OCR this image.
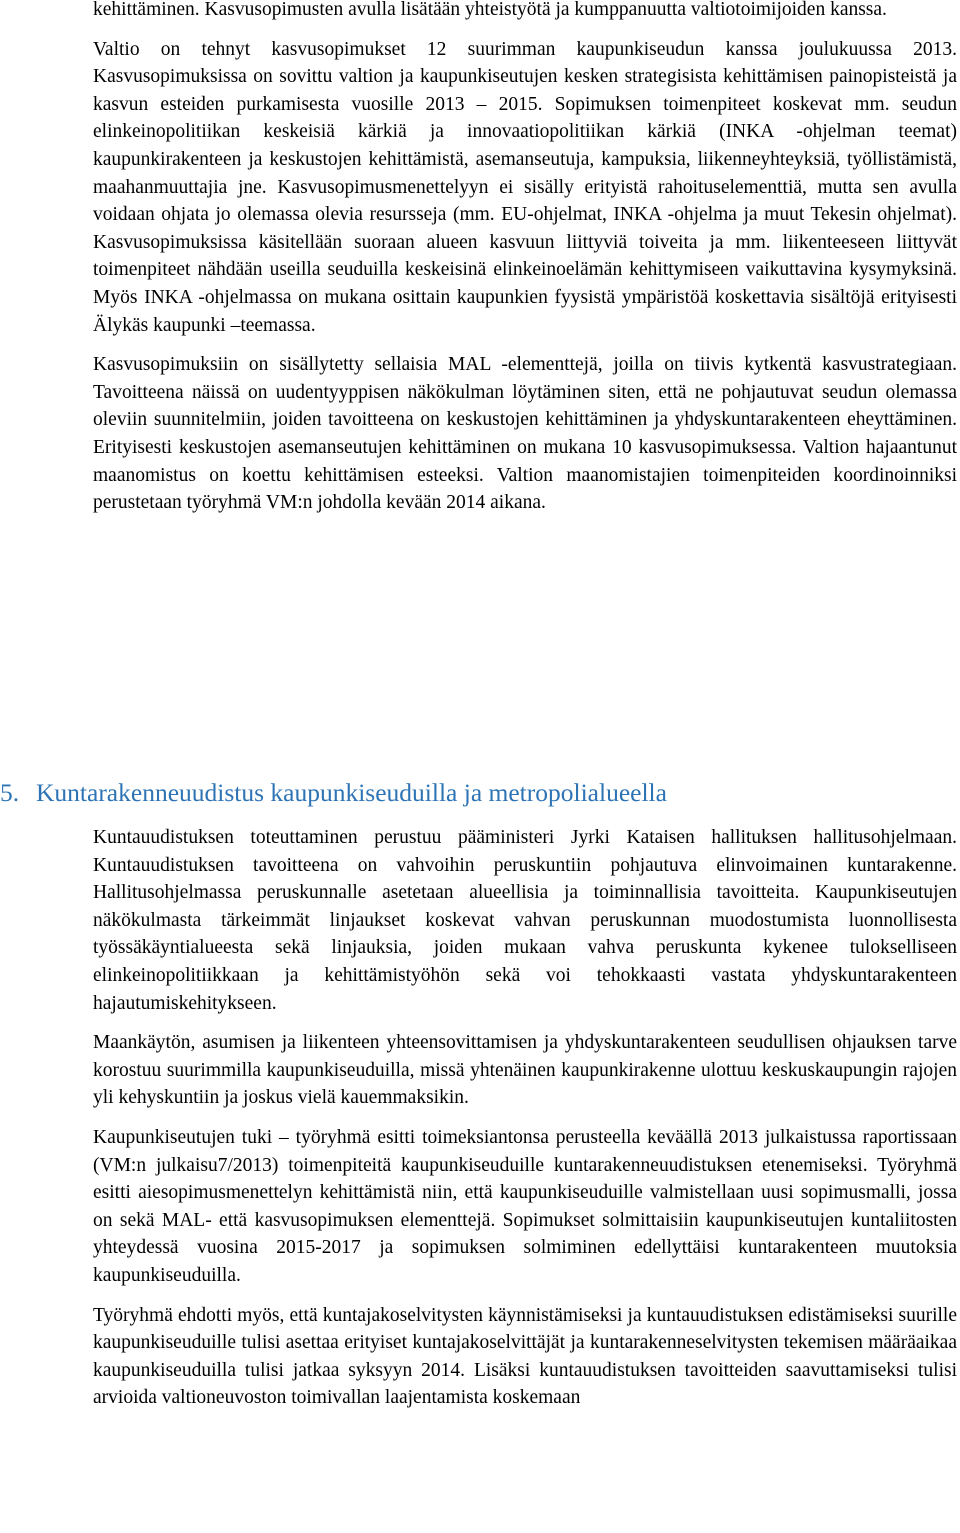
kehittäminen. Kasvusopimusten avulla lisätään yhteistyötä ja kumppanuutta valtiotoimijoiden kanssa.

Valtio on tehnyt kasvusopimukset 12 suurimman kaupunkiseudun kanssa joulukuussa 2013. Kasvusopimuksissa on sovittu valtion ja kaupunkiseutujen kesken strategisista kehittämisen painopisteistä ja kasvun esteiden purkamisesta vuosille 2013 – 2015. Sopimuksen toimenpiteet koskevat mm. seudun elinkeinopolitiikan keskeisiä kärkiä ja innovaatiopolitiikan kärkiä (INKA -ohjelman teemat) kaupunkirakenteen ja keskustojen kehittämistä, asemanseutuja, kampuksia, liikenneyhteyksiä, työllistämistä, maahanmuuttajia jne. Kasvusopimusmenettelyyn ei sisälly erityistä rahoituselementtiä, mutta sen avulla voidaan ohjata jo olemassa olevia resursseja (mm. EU-ohjelmat, INKA -ohjelma ja muut Tekesin ohjelmat). Kasvusopimuksissa käsitellään suoraan alueen kasvuun liittyviä toiveita ja mm. liikenteeseen liittyvät toimenpiteet nähdään useilla seuduilla keskeisinä elinkeinoelämän kehittymiseen vaikuttavina kysymyksinä. Myös INKA -ohjelmassa on mukana osittain kaupunkien fyysistä ympäristöä koskettavia sisältöjä erityisesti Älykäs kaupunki –teemassa.

Kasvusopimuksiin on sisällytetty sellaisia MAL -elementtejä, joilla on tiivis kytkentä kasvustrategiaan. Tavoitteena näissä on uudentyyppisen näkökulman löytäminen siten, että ne pohjautuvat seudun olemassa oleviin suunnitelmiin, joiden tavoitteena on keskustojen kehittäminen ja yhdyskuntarakenteen eheyttäminen. Erityisesti keskustojen asemanseutujen kehittäminen on mukana 10 kasvusopimuksessa. Valtion hajaantunut maanomistus on koettu kehittämisen esteeksi. Valtion maanomistajien toimenpiteiden koordinoinniksi perustetaan työryhmä VM:n johdolla kevään 2014 aikana.

5. Kuntarakenneuudistus kaupunkiseuduilla ja metropolialueella

Kuntauudistuksen toteuttaminen perustuu pääministeri Jyrki Kataisen hallituksen hallitusohjelmaan. Kuntauudistuksen tavoitteena on vahvoihin peruskuntiin pohjautuva elinvoimainen kuntarakenne. Hallitusohjelmassa peruskunnalle asetetaan alueellisia ja toiminnallisia tavoitteita. Kaupunkiseutujen näkökulmasta tärkeimmät linjaukset koskevat vahvan peruskunnan muodostumista luonnollisesta työssäkäyntialueesta sekä linjauksia, joiden mukaan vahva peruskunta kykenee tulokselliseen elinkeinopolitiikkaan ja kehittämistyöhön sekä voi tehokkaasti vastata yhdyskuntarakenteen hajautumiskehitykseen.

Maankäytön, asumisen ja liikenteen yhteensovittamisen ja yhdyskuntarakenteen seudullisen ohjauksen tarve korostuu suurimmilla kaupunkiseuduilla, missä yhtenäinen kaupunkirakenne ulottuu keskuskaupungin rajojen yli kehyskuntiin ja joskus vielä kauemmaksikin.

Kaupunkiseutujen tuki – työryhmä esitti toimeksiantonsa perusteella keväällä 2013 julkaistussa raportissaan (VM:n julkaisu7/2013) toimenpiteitä kaupunkiseuduille kuntarakenneuudistuksen etenemiseksi. Työryhmä esitti aiesopimusmenettelyn kehittämistä niin, että kaupunkiseuduille valmistellaan uusi sopimusmalli, jossa on sekä MAL- että kasvusopimuksen elementtejä. Sopimukset solmittaisiin kaupunkiseutujen kuntaliitosten yhteydessä vuosina 2015-2017 ja sopimuksen solmiminen edellyttäisi kuntarakenteen muutoksia kaupunkiseuduilla.

Työryhmä ehdotti myös, että kuntajakoselvitysten käynnistämiseksi ja kuntauudistuksen edistämiseksi suurille kaupunkiseuduille tulisi asettaa erityiset kuntajakoselvittäjät ja kuntarakenneselvitysten tekemisen määräaikaa kaupunkiseuduilla tulisi jatkaa syksyyn 2014. Lisäksi kuntauudistuksen tavoitteiden saavuttamiseksi tulisi arvioida valtioneuvoston toimivallan laajentamista koskemaan
